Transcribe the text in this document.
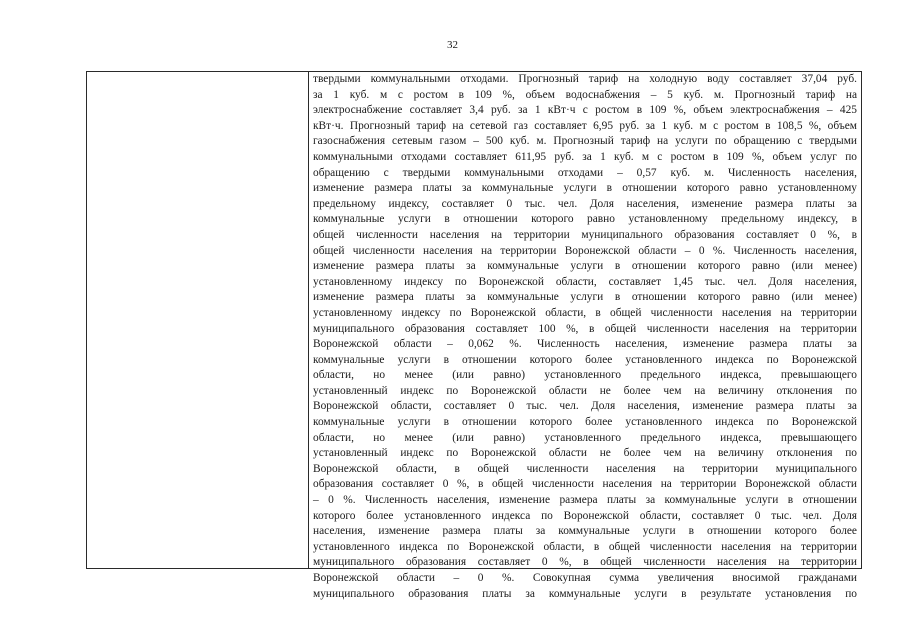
32
твердыми коммунальными отходами. Прогнозный тариф на холодную воду составляет 37,04 руб.
за 1 куб. м с ростом в 109 %, объем водоснабжения – 5 куб. м. Прогнозный тариф на
электроснабжение составляет 3,4 руб. за 1 кВт·ч с ростом в 109 %, объем электроснабжения – 425
кВт·ч. Прогнозный тариф на сетевой газ составляет 6,95 руб. за 1 куб. м с ростом в 108,5 %, объем
газоснабжения сетевым газом – 500 куб. м. Прогнозный тариф на услуги по обращению с твердыми
коммунальными отходами составляет 611,95 руб. за 1 куб. м с ростом в 109 %, объем услуг по
обращению с твердыми коммунальными отходами – 0,57 куб. м. Численность населения,
изменение размера платы за коммунальные услуги в отношении которого равно установленному
предельному индексу, составляет 0 тыс. чел. Доля населения, изменение размера платы за
коммунальные услуги в отношении которого равно установленному предельному индексу, в
общей численности населения на территории муниципального образования составляет 0 %, в
общей численности населения на территории Воронежской области – 0 %. Численность населения,
изменение размера платы за коммунальные услуги в отношении которого равно (или менее)
установленному индексу по Воронежской области, составляет 1,45 тыс. чел. Доля населения,
изменение размера платы за коммунальные услуги в отношении которого равно (или менее)
установленному индексу по Воронежской области, в общей численности населения на территории
муниципального образования составляет 100 %, в общей численности населения на территории
Воронежской области – 0,062 %. Численность населения, изменение размера платы за
коммунальные услуги в отношении которого более установленного индекса по Воронежской
области, но менее (или равно) установленного предельного индекса, превышающего
установленный индекс по Воронежской области не более чем на величину отклонения по
Воронежской области, составляет 0 тыс. чел. Доля населения, изменение размера платы за
коммунальные услуги в отношении которого более установленного индекса по Воронежской
области, но менее (или равно) установленного предельного индекса, превышающего
установленный индекс по Воронежской области не более чем на величину отклонения по
Воронежской области, в общей численности населения на территории муниципального
образования составляет 0 %, в общей численности населения на территории Воронежской области
– 0 %. Численность населения, изменение размера платы за коммунальные услуги в отношении
которого более установленного индекса по Воронежской области, составляет 0 тыс. чел. Доля
населения, изменение размера платы за коммунальные услуги в отношении которого более
установленного индекса по Воронежской области, в общей численности населения на территории
муниципального образования составляет 0 %, в общей численности населения на территории
Воронежской области – 0 %. Совокупная сумма увеличения вносимой гражданами
муниципального образования платы за коммунальные услуги в результате установления по
